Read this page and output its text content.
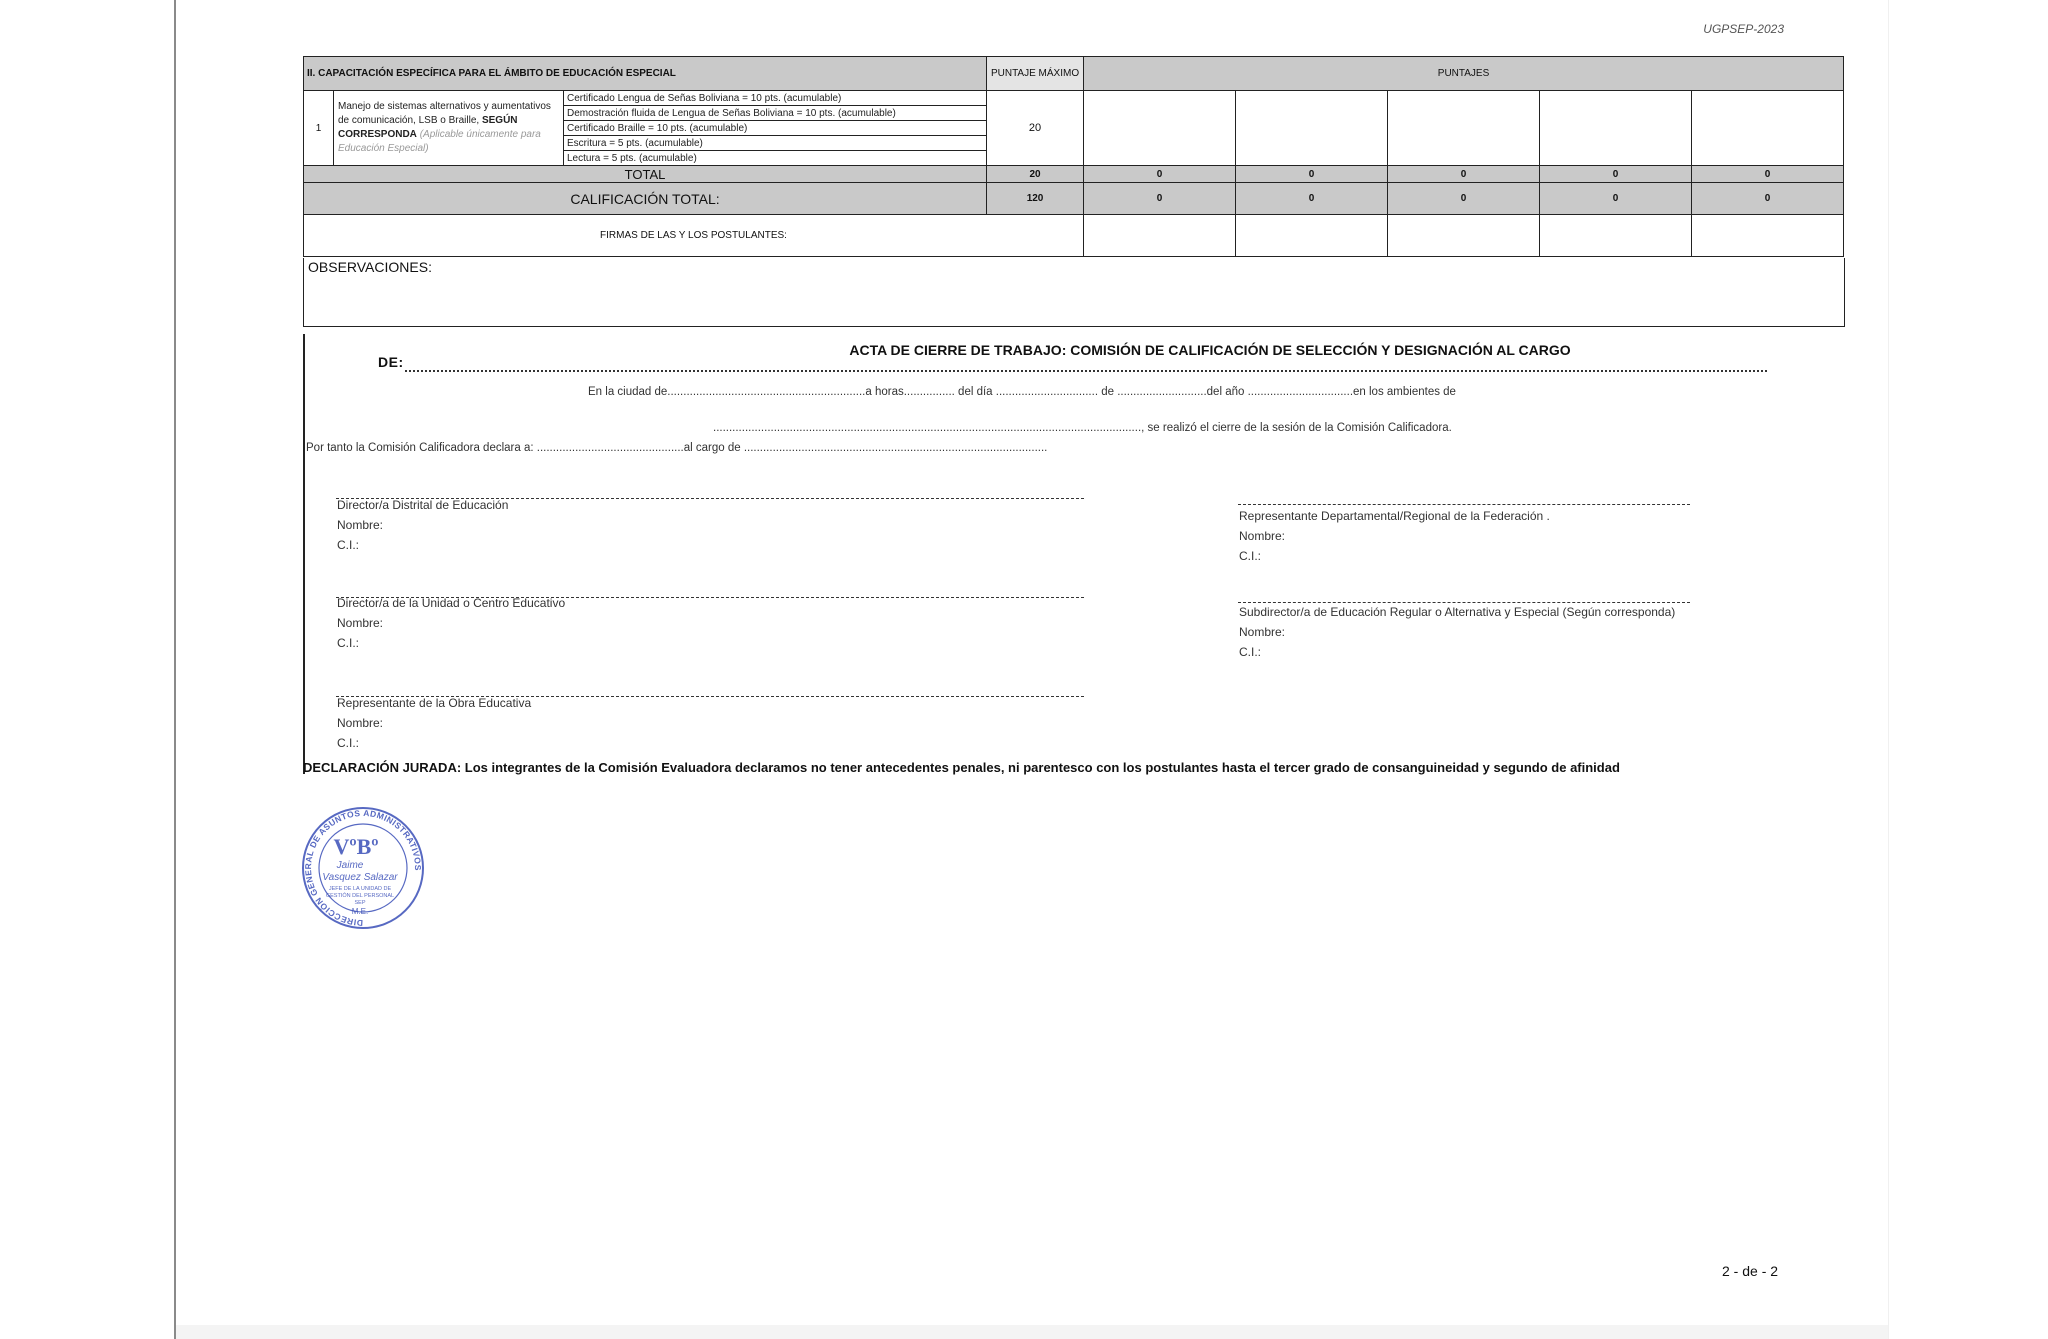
UGPSEP-2023
II. CAPACITACIÓN ESPECÍFICA PARA EL ÁMBITO DE EDUCACIÓN ESPECIAL			PUNTAJE MÁXIMO	PUNTAJES				
1	Manejo de sistemas alternativos y aumentativos de comunicación, LSB o Braille, SEGÚN CORRESPONDA (Aplicable únicamente para Educación Especial)	Certificado Lengua de Señas Boliviana = 10 pts. (acumulable)	20					
		Demostración fluida de Lengua de Señas Boliviana = 10 pts. (acumulable)						
		Certificado Braille = 10 pts. (acumulable)						
		Escritura = 5 pts. (acumulable)						
		Lectura = 5 pts. (acumulable)						
TOTAL			20	0	0	0	0	0
CALIFICACIÓN TOTAL:			120	0	0	0	0	0
FIRMAS DE LAS Y LOS POSTULANTES:								
OBSERVACIONES:
ACTA DE CIERRE DE TRABAJO: COMISIÓN DE CALIFICACIÓN DE SELECCIÓN Y DESIGNACIÓN AL CARGO
DE:
En la ciudad de..............................................................a horas................ del día ................................ de ............................del año .................................en los ambientes de
......................................................................................................................................, se realizó el cierre de la sesión de la Comisión Calificadora.
Por tanto la Comisión Calificadora declara a: ..............................................al cargo de ...............................................................................................
Director/a Distrital de Educación
Nombre:
C.I.:
Representante Departamental/Regional de la Federación .
Nombre:
C.I.:
Director/a de la Unidad o Centro Educativo
Nombre:
C.I.:
Subdirector/a de Educación Regular o Alternativa y Especial (Según corresponda)
Nombre:
C.I.:
Representante de la Obra Educativa
Nombre:
C.I.:
DECLARACIÓN JURADA: Los integrantes de la Comisión Evaluadora declaramos no tener antecedentes penales, ni parentesco con los postulantes hasta el tercer grado de consanguineidad y segundo de afinidad
DIRECCIÓN GENERAL DE ASUNTOS ADMINISTRATIVOS
VºBº
Jaime
Vasquez Salazar
JEFE DE LA UNIDAD DE
GESTIÓN DEL PERSONAL
SEP
M.E.
2 - de - 2
